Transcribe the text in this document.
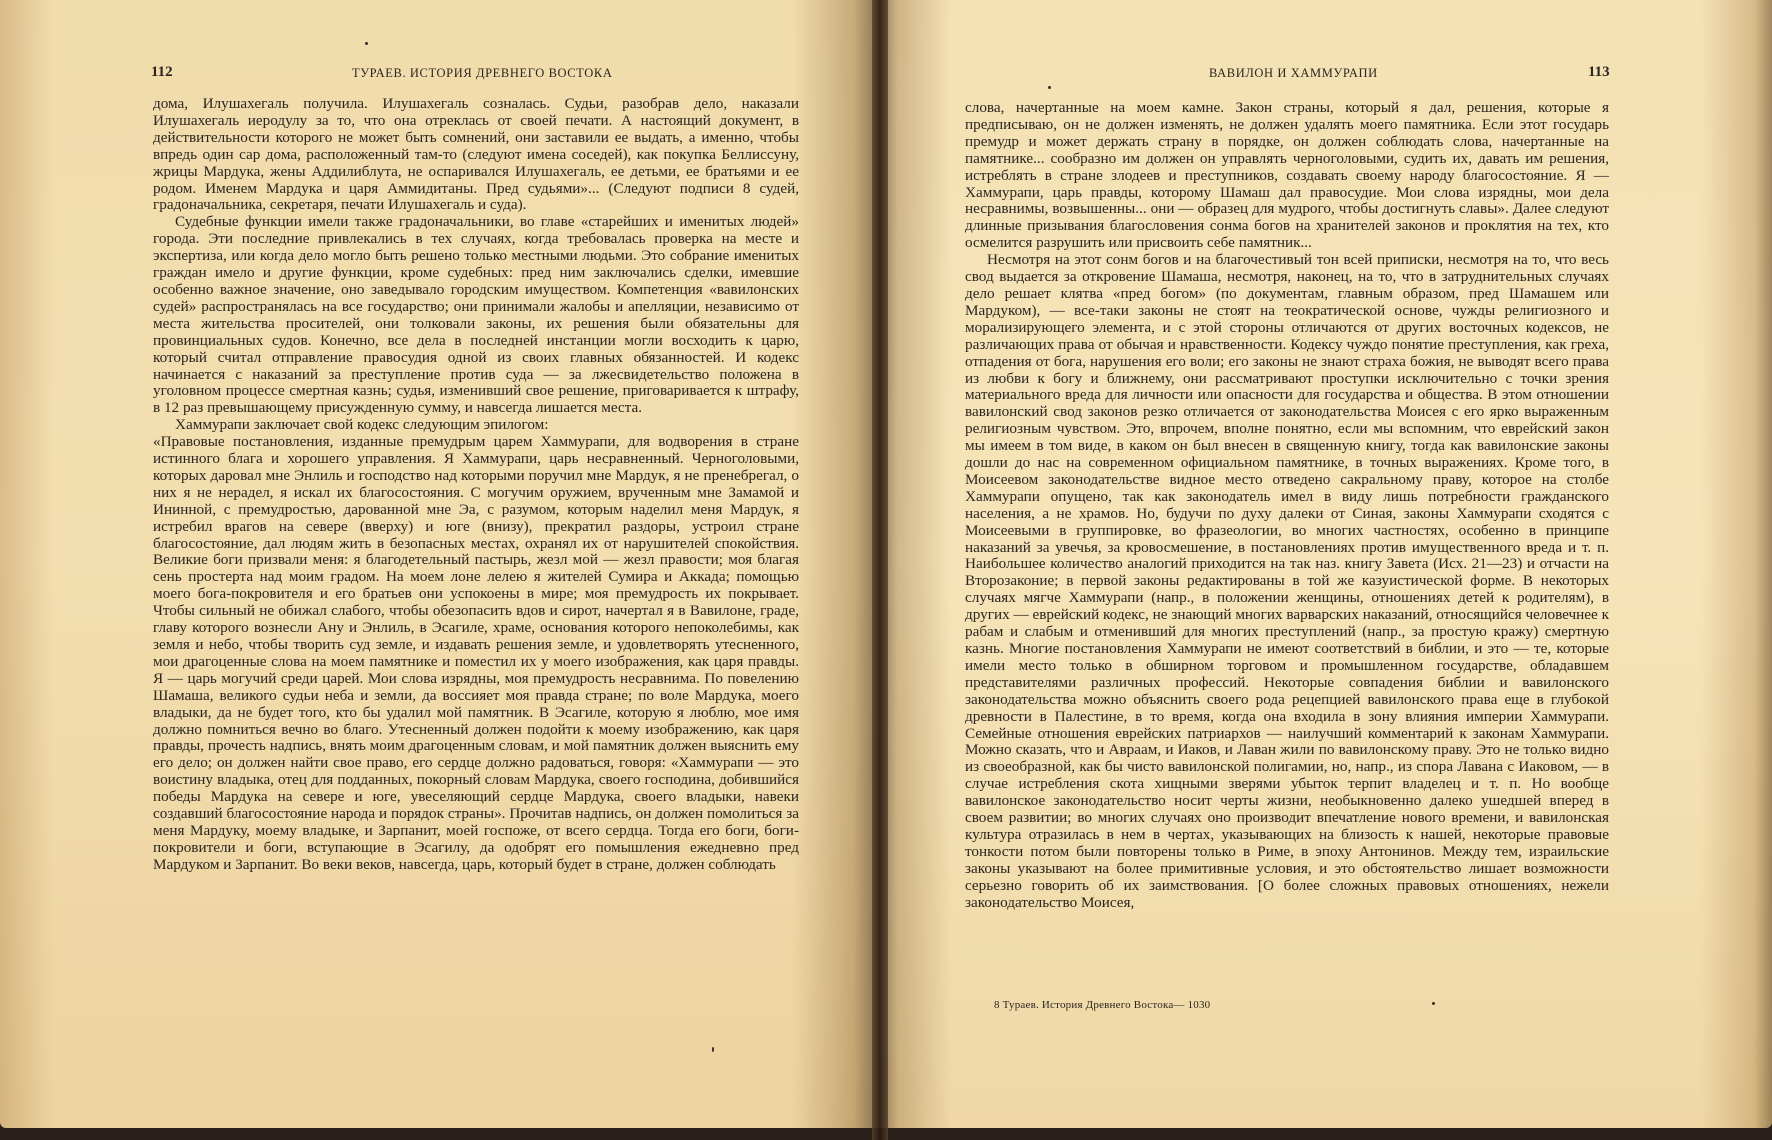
112	ТУРАЕВ. ИСТОРИЯ ДРЕВНЕГО ВОСТОКА

дома, Илушахегаль получила. Илушахегаль созналась. Судьи, разобрав дело, наказали Илушахегаль иеродулу за то, что она отреклась от своей печати. А настоящий документ, в действительности которого не может быть сомнений, они заставили ее выдать, а именно, чтобы впредь один сар дома, расположенный там-то (следуют имена соседей), как покупка Беллиссуну, жрицы Мардука, жены Аддилиблута, не оспаривался Илушахегаль, ее детьми, ее братьями и ее родом. Именем Мардука и царя Аммидитаны. Пред судьями»... (Следуют подписи 8 судей, градоначальника, секретаря, печати Илушахегаль и суда).

Судебные функции имели также градоначальники, во главе «старейших и именитых людей» города. Эти последние привлекались в тех случаях, когда требовалась проверка на месте и экспертиза, или когда дело могло быть решено только местными людьми. Это собрание именитых граждан имело и другие функции, кроме судебных: пред ним заключались сделки, имевшие особенно важное значение, оно заведывало городским имуществом. Компетенция «вавилонских судей» распространялась на все государство; они принимали жалобы и апелляции, независимо от места жительства просителей, они толковали законы, их решения были обязательны для провинциальных судов. Конечно, все дела в последней инстанции могли восходить к царю, который считал отправление правосудия одной из своих главных обязанностей. И кодекс начинается с наказаний за преступление против суда — за лжесвидетельство положена в уголовном процессе смертная казнь; судья, изменивший свое решение, приговаривается к штрафу, в 12 раз превышающему присужденную сумму, и навсегда лишается места.

Хаммурапи заключает свой кодекс следующим эпилогом:

«Правовые постановления, изданные премудрым царем Хаммурапи, для водворения в стране истинного блага и хорошего управления. Я Хаммурапи, царь несравненный. Черноголовыми, которых даровал мне Энлиль и господство над которыми поручил мне Мардук, я не пренебрегал, о них я не нерадел, я искал их благосостояния. С могучим оружием, врученным мне Замамой и Ининной, с премудростью, дарованной мне Эа, с разумом, которым наделил меня Мардук, я истребил врагов на севере (вверху) и юге (внизу), прекратил раздоры, устроил стране благосостояние, дал людям жить в безопасных местах, охранял их от нарушителей спокойствия. Великие боги призвали меня: я благодетельный пастырь, жезл мой — жезл правости; моя благая сень простерта над моим градом. На моем лоне лелею я жителей Сумира и Аккада; помощью моего бога-покровителя и его братьев они успокоены в мире; моя премудрость их покрывает. Чтобы сильный не обижал слабого, чтобы обезопасить вдов и сирот, начертал я в Вавилоне, граде, главу которого вознесли Ану и Энлиль, в Эсагиле, храме, основания которого непоколебимы, как земля и небо, чтобы творить суд земле, и издавать решения земле, и удовлетворять утесненного, мои драгоценные слова на моем памятнике и поместил их у моего изображения, как царя правды. Я — царь могучий среди царей. Мои слова изрядны, моя премудрость несравнима. По повелению Шамаша, великого судьи неба и земли, да воссияет моя правда стране; по воле Мардука, моего владыки, да не будет того, кто бы удалил мой памятник. В Эсагиле, которую я люблю, мое имя должно помниться вечно во благо. Утесненный должен подойти к моему изображению, как царя правды, прочесть надпись, внять моим драгоценным словам, и мой памятник должен выяснить ему его дело; он должен найти свое право, его сердце должно радоваться, говоря: «Хаммурапи — это воистину владыка, отец для подданных, покорный словам Мардука, своего господина, добившийся победы Мардука на севере и юге, увеселяющий сердце Мардука, своего владыки, навеки создавший благосостояние народа и порядок страны». Прочитав надпись, он должен помолиться за меня Мардуку, моему владыке, и Зарпанит, моей госпоже, от всего сердца. Тогда его боги, боги-покровители и боги, вступающие в Эсагилу, да одобрят его помышления ежедневно пред Мардуком и Зарпанит. Во веки веков, навсегда, царь, который будет в стране, должен соблюдать

ВАВИЛОН И ХАММУРАПИ	113

слова, начертанные на моем камне. Закон страны, который я дал, решения, которые я предписываю, он не должен изменять, не должен удалять моего памятника. Если этот государь премудр и может держать страну в порядке, он должен соблюдать слова, начертанные на памятнике... сообразно им должен он управлять черноголовыми, судить их, давать им решения, истреблять в стране злодеев и преступников, создавать своему народу благосостояние. Я — Хаммурапи, царь правды, которому Шамаш дал правосудие. Мои слова изрядны, мои дела несравнимы, возвышенны... они — образец для мудрого, чтобы достигнуть славы». Далее следуют длинные призывания благословения сонма богов на хранителей законов и проклятия на тех, кто осмелится разрушить или присвоить себе памятник...

Несмотря на этот сонм богов и на благочестивый тон всей приписки, несмотря на то, что весь свод выдается за откровение Шамаша, несмотря, наконец, на то, что в затруднительных случаях дело решает клятва «пред богом» (по документам, главным образом, пред Шамашем или Мардуком), — все-таки законы не стоят на теократической основе, чужды религиозного и морализирующего элемента, и с этой стороны отличаются от других восточных кодексов, не различающих права от обычая и нравственности. Кодексу чуждо понятие преступления, как греха, отпадения от бога, нарушения его воли; его законы не знают страха божия, не выводят всего права из любви к богу и ближнему, они рассматривают проступки исключительно с точки зрения материального вреда для личности или опасности для государства и общества. В этом отношении вавилонский свод законов резко отличается от законодательства Моисея с его ярко выраженным религиозным чувством. Это, впрочем, вполне понятно, если мы вспомним, что еврейский закон мы имеем в том виде, в каком он был внесен в священную книгу, тогда как вавилонские законы дошли до нас на современном официальном памятнике, в точных выражениях. Кроме того, в Моисеевом законодательстве видное место отведено сакральному праву, которое на столбе Хаммурапи опущено, так как законодатель имел в виду лишь потребности гражданского населения, а не храмов. Но, будучи по духу далеки от Синая, законы Хаммурапи сходятся с Моисеевыми в группировке, во фразеологии, во многих частностях, особенно в принципе наказаний за увечья, за кровосмешение, в постановлениях против имущественного вреда и т. п. Наибольшее количество аналогий приходится на так наз. книгу Завета (Исх. 21—23) и отчасти на Второзаконие; в первой законы редактированы в той же казуистической форме. В некоторых случаях мягче Хаммурапи (напр., в положении женщины, отношениях детей к родителям), в других — еврейский кодекс, не знающий многих варварских наказаний, относящийся человечнее к рабам и слабым и отменивший для многих преступлений (напр., за простую кражу) смертную казнь. Многие постановления Хаммурапи не имеют соответствий в библии, и это — те, которые имели место только в обширном торговом и промышленном государстве, обладавшем представителями различных профессий. Некоторые совпадения библии и вавилонского законодательства можно объяснить своего рода рецепцией вавилонского права еще в глубокой древности в Палестине, в то время, когда она входила в зону влияния империи Хаммурапи. Семейные отношения еврейских патриархов — наилучший комментарий к законам Хаммурапи. Можно сказать, что и Авраам, и Иаков, и Лаван жили по вавилонскому праву. Это не только видно из своеобразной, как бы чисто вавилонской полигамии, но, напр., из спора Лавана с Иаковом, — в случае истребления скота хищными зверями убыток терпит владелец и т. п. Но вообще вавилонское законодательство носит черты жизни, необыкновенно далеко ушедшей вперед в своем развитии; во многих случаях оно производит впечатление нового времени, и вавилонская культура отразилась в нем в чертах, указывающих на близость к нашей, некоторые правовые тонкости потом были повторены только в Риме, в эпоху Антонинов. Между тем, израильские законы указывают на более примитивные условия, и это обстоятельство лишает возможности серьезно говорить об их заимствования. [О более сложных правовых отношениях, нежели законодательство Моисея,

8 Тураев. История Древнего Востока— 1030
